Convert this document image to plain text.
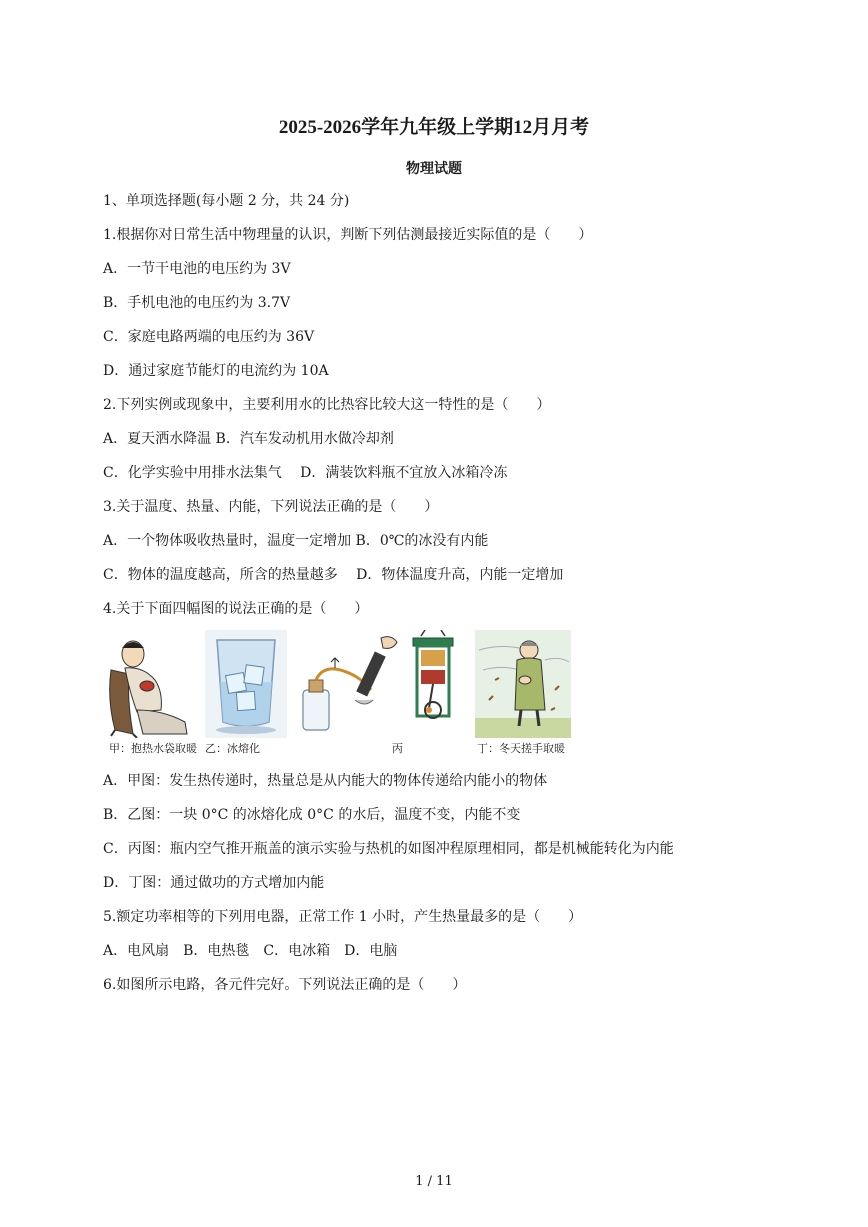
2025-2026学年九年级上学期12月月考
物理试题
1、单项选择题(每小题 2 分，共 24 分)
1.根据你对日常生活中物理量的认识，判断下列估测最接近实际值的是（　　）
A．一节干电池的电压约为 3V
B．手机电池的电压约为 3.7V
C．家庭电路两端的电压约为 36V
D．通过家庭节能灯的电流约为 10A
2.下列实例或现象中，主要利用水的比热容比较大这一特性的是（　　）
A．夏天洒水降温 B．汽车发动机用水做冷却剂
C．化学实验中用排水法集气　 D．满装饮料瓶不宜放入冰箱冷冻
3.关于温度、热量、内能，下列说法正确的是（　　）
A．一个物体吸收热量时，温度一定增加 B．0℃的冰没有内能
C．物体的温度越高，所含的热量越多　 D．物体温度升高，内能一定增加
4.关于下面四幅图的说法正确的是（　　）
甲：抱热水袋取暖 乙：冰熔化	丙	丁：冬天搓手取暖
A．甲图：发生热传递时，热量总是从内能大的物体传递给内能小的物体
B．乙图：一块 0°C 的冰熔化成 0°C 的水后，温度不变，内能不变
C．丙图：瓶内空气推开瓶盖的演示实验与热机的如图冲程原理相同，都是机械能转化为内能
D．丁图：通过做功的方式增加内能
5.额定功率相等的下列用电器，正常工作 1 小时，产生热量最多的是（　　）
A．电风扇　B．电热毯　C．电冰箱　D．电脑
6.如图所示电路，各元件完好。下列说法正确的是（　　）
1 / 11
